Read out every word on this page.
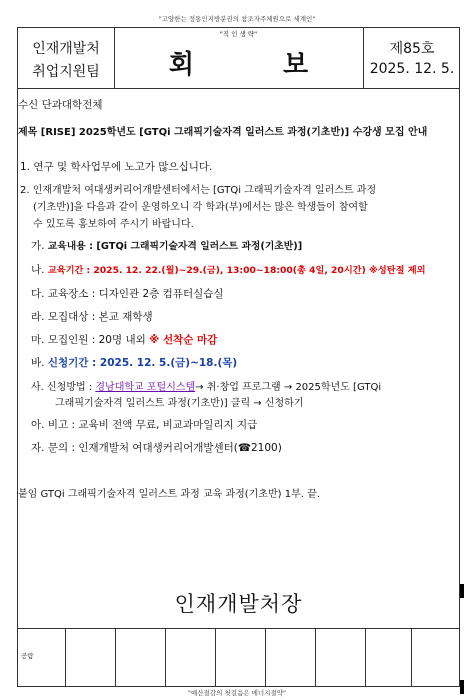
"고양한는 정통인지방분권의 참조자주체원으로 세계인"
인재개발처
취업지원팀
"직 인 생 략"
회 보
제85호
2025. 12. 5.
수신 단과대학전체
제목 [RISE] 2025학년도 [GTQi 그래픽기술자격 일러스트 과정(기초반)] 수강생 모집 안내
1. 연구 및 학사업무에 노고가 많으십니다.
2. 인재개발처 여대생커리어개발센터에서는 [GTQi 그래픽기술자격 일러스트 과정
(기초반)]을 다음과 같이 운영하오니 각 학과(부)에서는 많은 학생들이 참여할
수 있도록 홍보하여 주시기 바랍니다.
가. 교육내용 : [GTQi 그래픽기술자격 일러스트 과정(기초반)]
나. 교육기간 : 2025. 12. 22.(월)~29.(금), 13:00~18:00(총 4일, 20시간) ※성탄절 제외
다. 교육장소 : 디자인관 2층 컴퓨터실습실
라. 모집대상 : 본교 재학생
마. 모집인원 : 20명 내외 ※ 선착순 마감
바. 신청기간 : 2025. 12. 5.(금)~18.(목)
사. 신청방법 : 경남대학교 포털시스템→ 취·창업 프로그램 → 2025학년도 [GTQi
그래픽기술자격 일러스트 과정(기초반)] 클릭 → 신청하기
아. 비고 : 교육비 전액 무료, 비교과마일리지 지급
자. 문의 : 인재개발처 여대생커리어개발센터(☎2100)
붙임 GTQi 그래픽기술자격 일러스트 과정 교육 과정(기초반) 1부. 끝.
인재개발처장
공람
"예산절감의 첫걸음은 에너지절약"
